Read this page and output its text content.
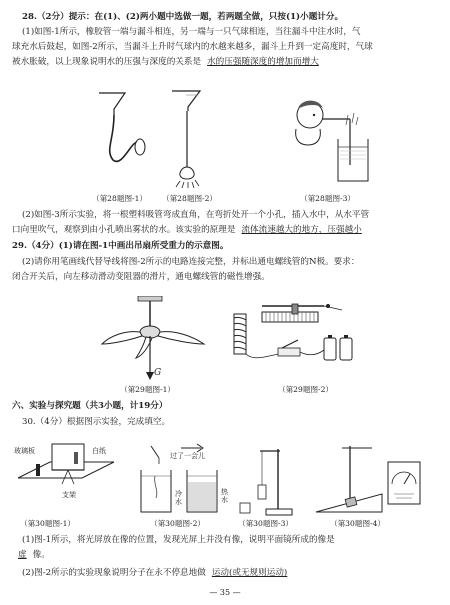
28.（2分）提示：在(1)、(2)两小题中选做一题，若两题全做，只按(1)小题计分。
(1)如图-1所示，橡胶管一端与漏斗相连，另一端与一只气球相连，当往漏斗中注水时，气
球充水后鼓起，如图-2所示，当漏斗上升时气球内的水越来越多，漏斗上升到一定高度时，气球
被水胀破，以上现象说明水的压强与深度的关系是 水的压强随深度的增加而增大
（第28题图-1） （第28题图-2）	（第28题图-3）
(2)如图-3所示实验，将一根塑料吸管弯成直角，在弯折处开一个小孔，插入水中，从水平管
口向里吹气，观察到由小孔喷出雾状的水。该实验的原理是 流体流速越大的地方，压强越小
29.（4分）(1)请在图-1中画出吊扇所受重力的示意图。
(2)请你用笔画线代替导线将图-2所示的电路连接完整，并标出通电螺线管的N极。要求：
闭合开关后，向左移动滑动变阻器的滑片，通电螺线管的磁性增强。
G
（第29题图-1）	（第29题图-2）
六、实验与探究题（共3小题，计19分）
30.（4分）根据图示实验，完成填空。
玻璃板	白纸
支架
过了一会儿
冷水
热水
（第30题图-1）	（第30题图-2）	（第30题图-3）	（第30题图-4）
(1)图-1所示，将光屏放在像的位置，发现光屏上并没有像，说明平面镜所成的像是
虚 像。
(2)图-2所示的实验现象说明分子在永不停息地做 运动(或无规则运动)
— 35 —
